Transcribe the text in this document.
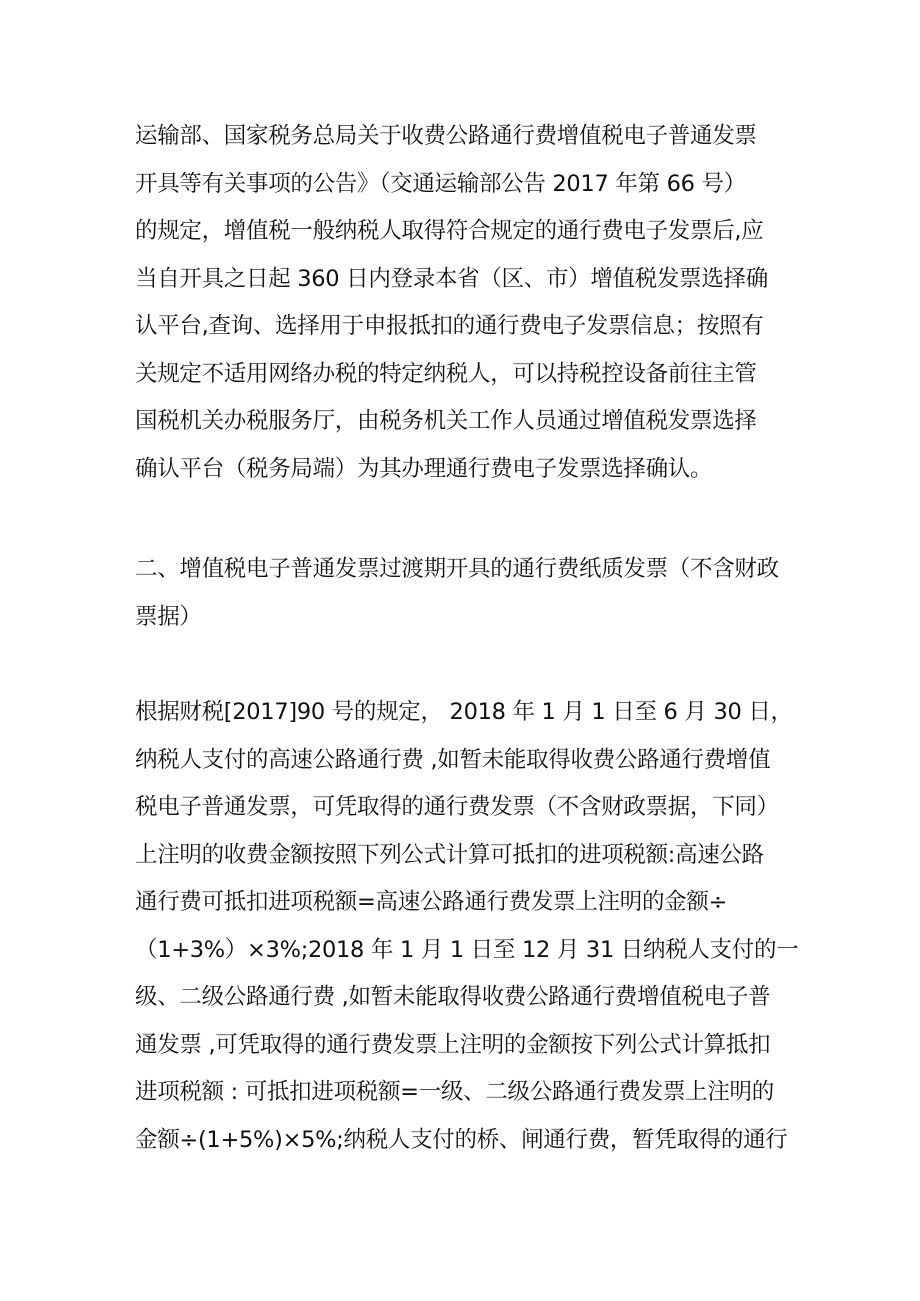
运输部、国家税务总局关于收费公路通行费增值税电子普通发票
开具等有关事项的公告》（交通运输部公告 2017 年第 66 号）
的规定，增值税一般纳税人取得符合规定的通行费电子发票后,应
当自开具之日起 360 日内登录本省（区、市）增值税发票选择确
认平台,查询、选择用于申报抵扣的通行费电子发票信息；按照有
关规定不适用网络办税的特定纳税人，可以持税控设备前往主管
国税机关办税服务厅，由税务机关工作人员通过增值税发票选择
确认平台（税务局端）为其办理通行费电子发票选择确认。
二、增值税电子普通发票过渡期开具的通行费纸质发票（不含财政
票据）
根据财税[2017]90 号的规定， 2018 年 1 月 1 日至 6 月 30 日，
纳税人支付的高速公路通行费 ,如暂未能取得收费公路通行费增值
税电子普通发票，可凭取得的通行费发票（不含财政票据，下同）
上注明的收费金额按照下列公式计算可抵扣的进项税额:高速公路
通行费可抵扣进项税额=高速公路通行费发票上注明的金额÷
（1+3%）×3%;2018 年 1 月 1 日至 12 月 31 日纳税人支付的一
级、二级公路通行费 ,如暂未能取得收费公路通行费增值税电子普
通发票 ,可凭取得的通行费发票上注明的金额按下列公式计算抵扣
进项税额 : 可抵扣进项税额=一级、二级公路通行费发票上注明的
金额÷(1+5%)×5%;纳税人支付的桥、闸通行费，暂凭取得的通行
